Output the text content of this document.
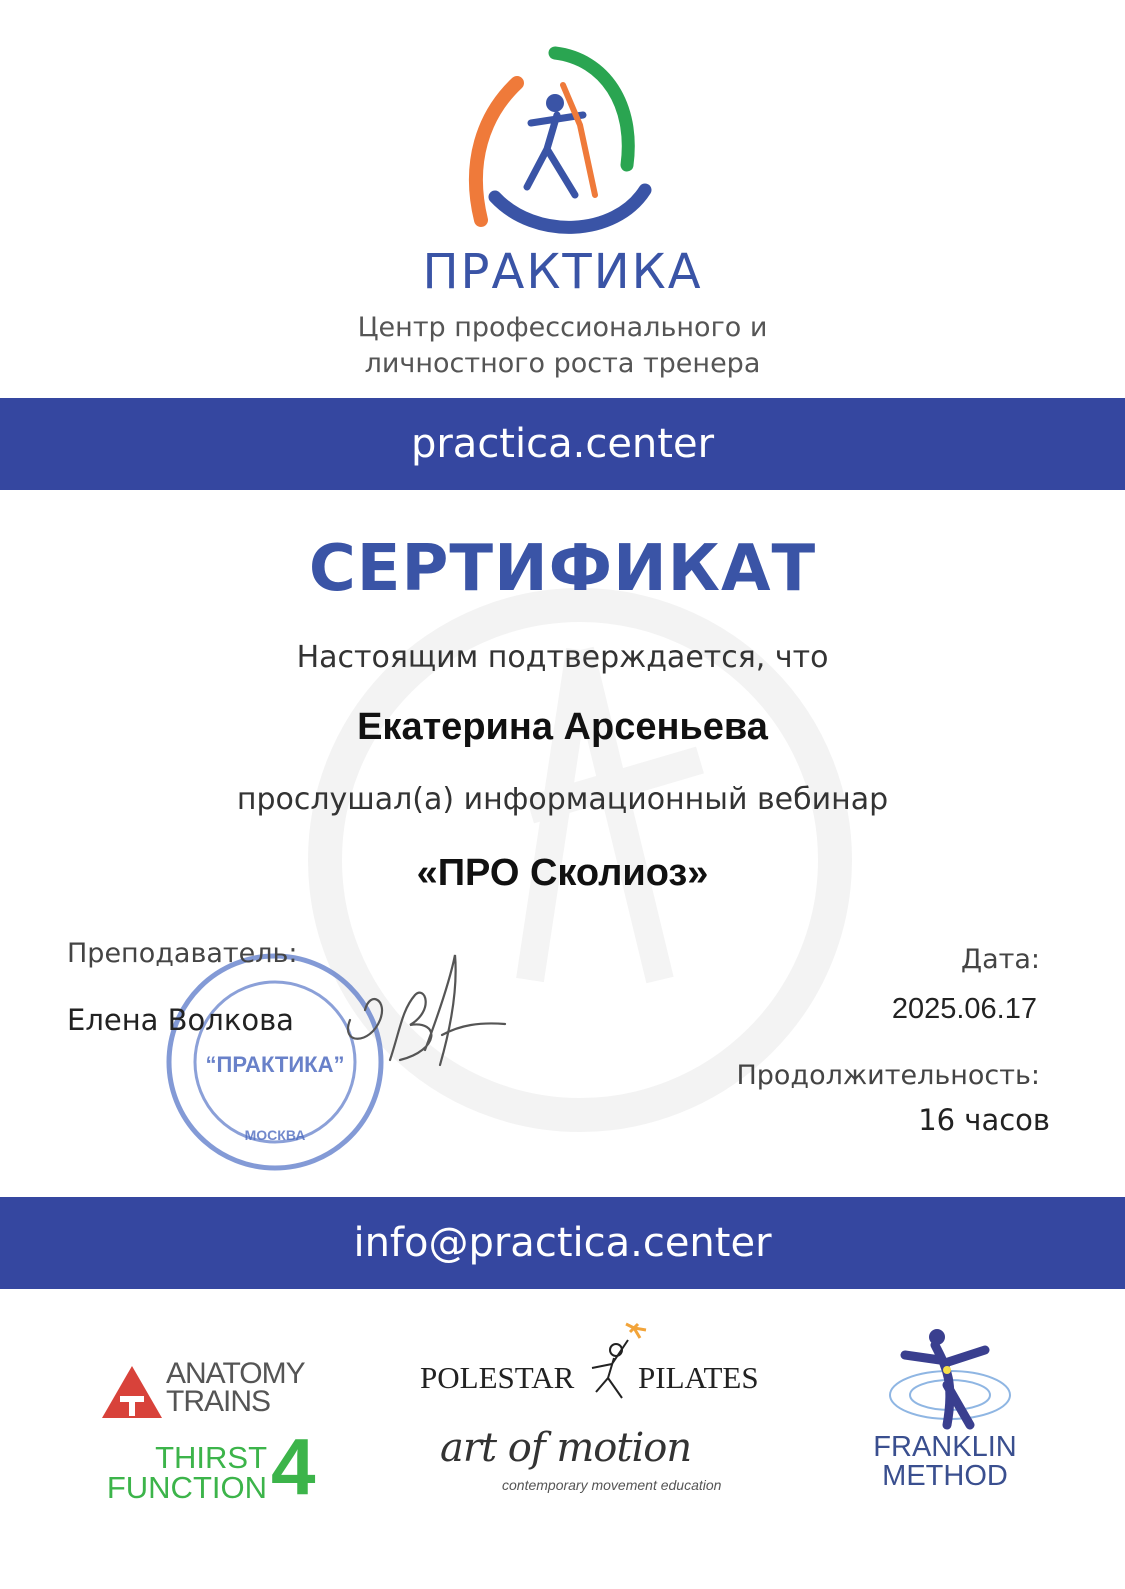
ПРАКТИКА
Центр профессионального и
личностного роста тренера
practica.center
СЕРТИФИКАТ
Настоящим подтверждается, что
Екатерина Арсеньева
прослушал(а) информационный вебинар
«ПРО Сколиоз»
“ПРАКТИКА”
МОСКВА
Преподаватель:
Елена Волкова
Дата:
2025.06.17
Продолжительность:
16 часов
info@practica.center
ANATOMY
TRAINS
THIRST
FUNCTION 4
POLESTAR PILATES
art of motion
contemporary movement education
FRANKLIN
METHOD
